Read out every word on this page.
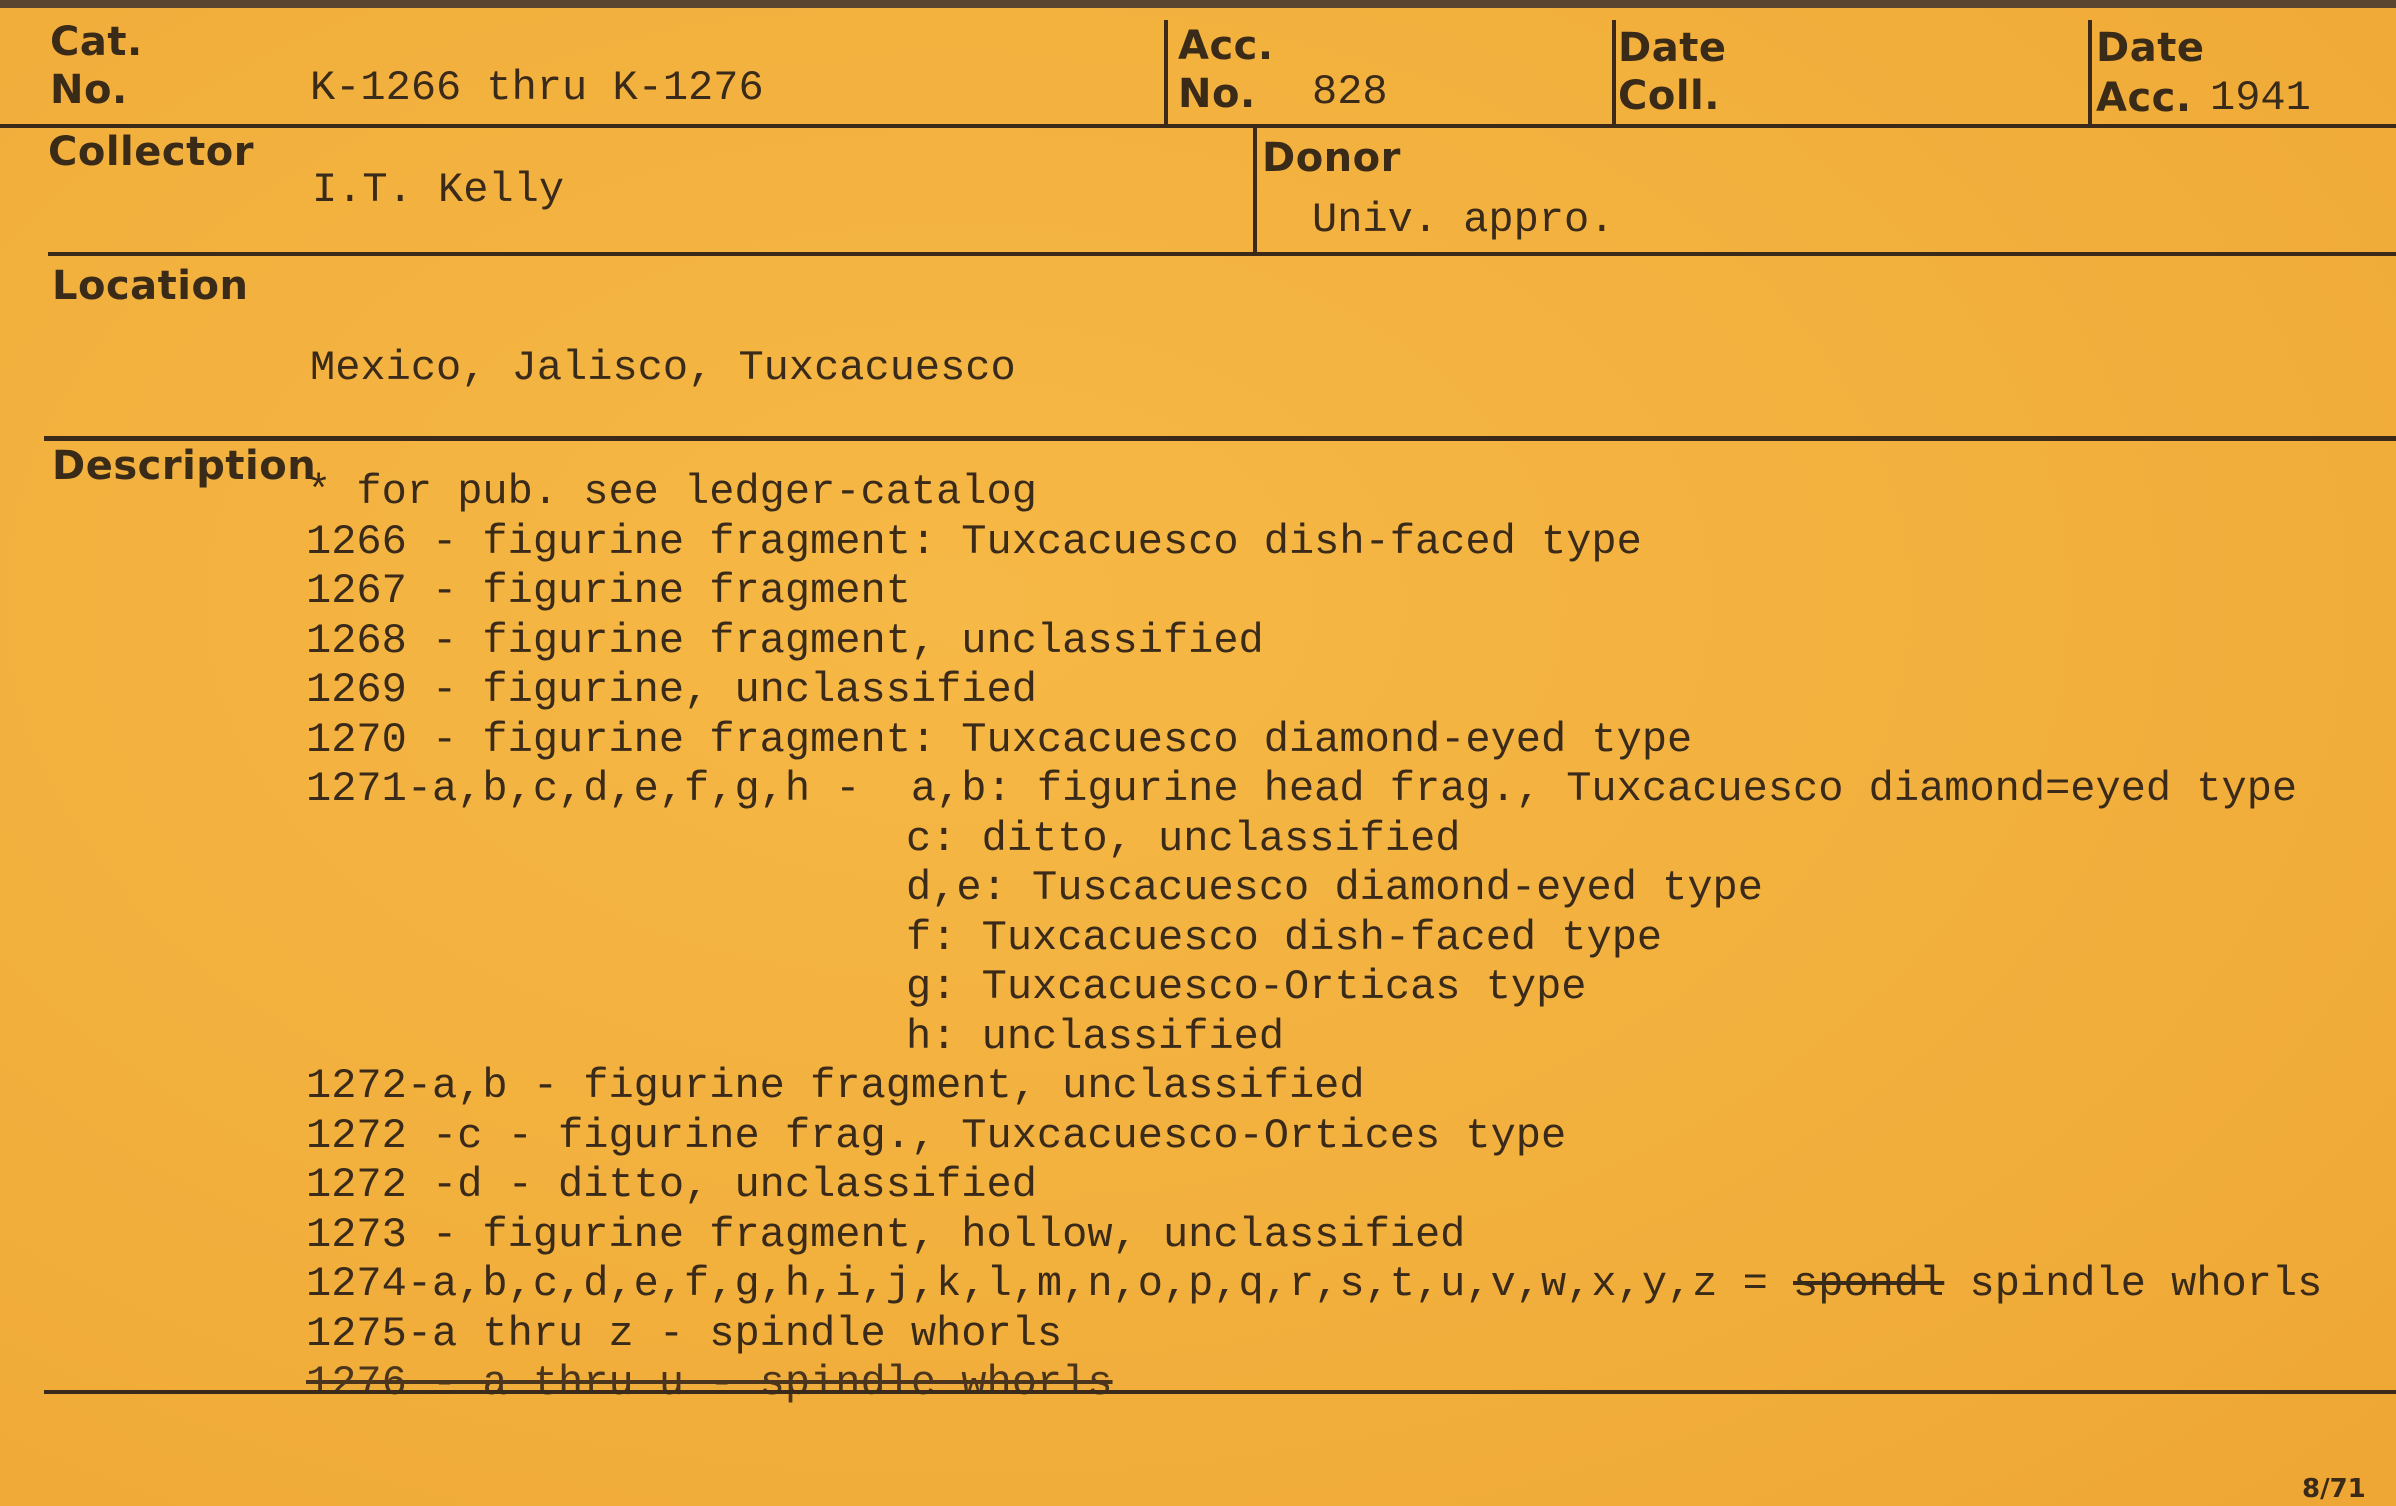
Cat.
No.	K-1266 thru K-1276
Acc.
No. 828
Date
Coll.
Date
Acc. 1941
Collector
I.T. Kelly
Donor
Univ. appro.
Location
Mexico, Jalisco, Tuxcacuesco
Description
* for pub. see ledger-catalog
1266 - figurine fragment: Tuxcacuesco dish-faced type
1267 - figurine fragment
1268 - figurine fragment, unclassified
1269 - figurine, unclassified
1270 - figurine fragment: Tuxcacuesco diamond-eyed type
1271-a,b,c,d,e,f,g,h -  a,b: figurine head frag., Tuxcacuesco diamond=eyed type
c: ditto, unclassified
d,e: Tuscacuesco diamond-eyed type
f: Tuxcacuesco dish-faced type
g: Tuxcacuesco-Orticas type
h: unclassified
1272-a,b - figurine fragment, unclassified
1272 -c - figurine frag., Tuxcacuesco-Ortices type
1272 -d - ditto, unclassified
1273 - figurine fragment, hollow, unclassified
1274-a,b,c,d,e,f,g,h,i,j,k,l,m,n,o,p,q,r,s,t,u,v,w,x,y,z = spondl spindle whorls
1275-a thru z - spindle whorls
1276 - a thru u - spindle whorls
8/71
